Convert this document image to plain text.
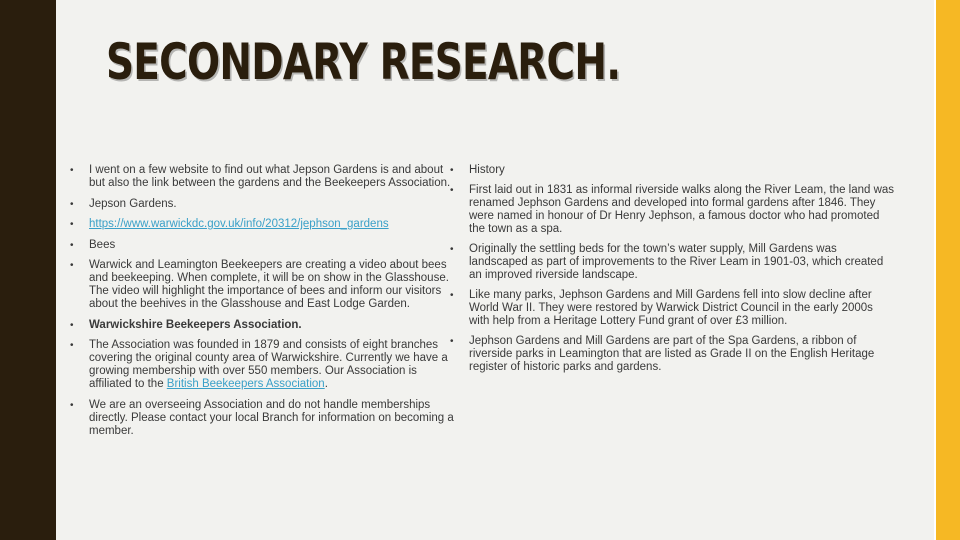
SECONDARY RESEARCH.
•	I went on a few website to find out what Jepson Gardens is and about but also the link between the gardens and the Beekeepers Association.
•	Jepson Gardens.
•	https://www.warwickdc.gov.uk/info/20312/jephson_gardens
•	Bees
•	Warwick and Leamington Beekeepers are creating a video about bees and beekeeping. When complete, it will be on show in the Glasshouse. The video will highlight the importance of bees and inform our visitors about the beehives in the Glasshouse and East Lodge Garden.
•	Warwickshire Beekeepers Association.
•	The Association was founded in 1879 and consists of eight branches covering the original county area of Warwickshire. Currently we have a growing membership with over 550 members. Our Association is affiliated to the British Beekeepers Association.
•	We are an overseeing Association and do not handle memberships directly. Please contact your local Branch for information on becoming a member.
•	History
•	First laid out in 1831 as informal riverside walks along the River Leam, the land was renamed Jephson Gardens and developed into formal gardens after 1846. They were named in honour of Dr Henry Jephson, a famous doctor who had promoted the town as a spa.
•	Originally the settling beds for the town’s water supply, Mill Gardens was landscaped as part of improvements to the River Leam in 1901-03, which created an improved riverside landscape.
•	Like many parks, Jephson Gardens and Mill Gardens fell into slow decline after World War II. They were restored by Warwick District Council in the early 2000s with help from a Heritage Lottery Fund grant of over £3 million.
•	Jephson Gardens and Mill Gardens are part of the Spa Gardens, a ribbon of riverside parks in Leamington that are listed as Grade II on the English Heritage register of historic parks and gardens.
